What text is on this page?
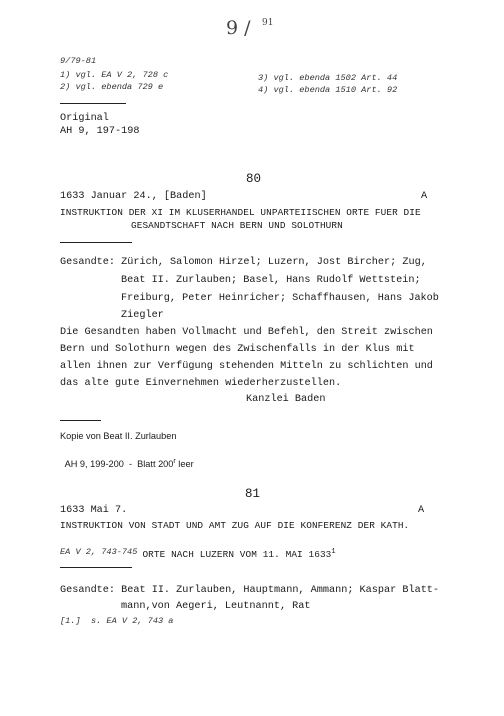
9 / 91
9/79-81
1) vgl. EA V 2, 728 c
2) vgl. ebenda 729 e
3) vgl. ebenda 1502 Art. 44
4) vgl. ebenda 1510 Art. 92
Original
AH 9, 197-198
80
1633 Januar 24., [Baden]	A
INSTRUKTION DER XI IM KLUSERHANDEL UNPARTEIISCHEN ORTE FUER DIE
GESANDTSCHAFT NACH BERN UND SOLOTHURN
Gesandte: Zürich, Salomon Hirzel; Luzern, Jost Bircher; Zug,
Beat II. Zurlauben; Basel, Hans Rudolf Wettstein;
Freiburg, Peter Heinricher; Schaffhausen, Hans Jakob
Ziegler
Die Gesandten haben Vollmacht und Befehl, den Streit zwischen
Bern und Solothurn wegen des Zwischenfalls in der Klus mit
allen ihnen zur Verfügung stehenden Mitteln zu schlichten und
das alte gute Einvernehmen wiederherzustellen.
Kanzlei Baden
Kopie von Beat II. Zurlauben

AH 9, 199-200  -  Blatt 200$^r$ leer

81
1633 Mai 7.	A
INSTRUKTION VON STADT UND AMT ZUG AUF DIE KONFERENZ DER KATH.

ORTE NACH LUZERN VOM 11. MAI 1633$^1$

EA V 2, 743-745
Gesandte: Beat II. Zurlauben, Hauptmann, Ammann; Kaspar Blatt-
mann,von Aegeri, Leutnannt, Rat
[1.]  s. EA V 2, 743 a
